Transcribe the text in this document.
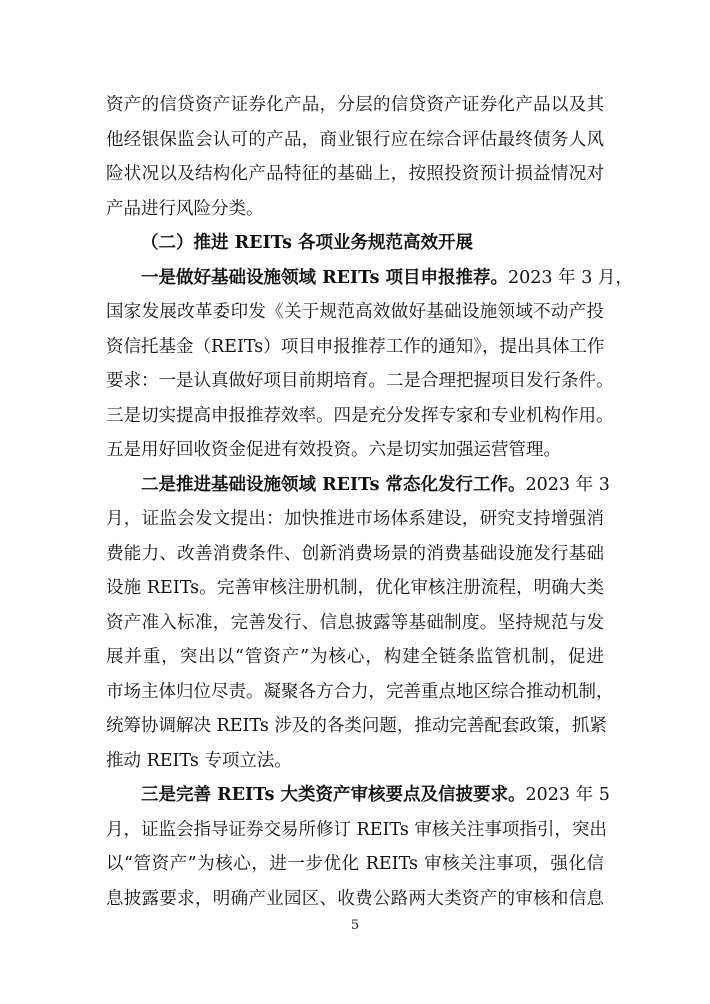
资产的信贷资产证券化产品，分层的信贷资产证券化产品以及其
他经银保监会认可的产品，商业银行应在综合评估最终债务人风
险状况以及结构化产品特征的基础上，按照投资预计损益情况对
产品进行风险分类。
（二）推进 REITs 各项业务规范高效开展
一是做好基础设施领域 REITs 项目申报推荐。2023 年 3 月，
国家发展改革委印发《关于规范高效做好基础设施领域不动产投
资信托基金（REITs）项目申报推荐工作的通知》，提出具体工作
要求：一是认真做好项目前期培育。二是合理把握项目发行条件。
三是切实提高申报推荐效率。四是充分发挥专家和专业机构作用。
五是用好回收资金促进有效投资。六是切实加强运营管理。
二是推进基础设施领域 REITs 常态化发行工作。2023 年 3
月，证监会发文提出：加快推进市场体系建设，研究支持增强消
费能力、改善消费条件、创新消费场景的消费基础设施发行基础
设施 REITs。完善审核注册机制，优化审核注册流程，明确大类
资产准入标准，完善发行、信息披露等基础制度。坚持规范与发
展并重，突出以“管资产”为核心，构建全链条监管机制，促进
市场主体归位尽责。凝聚各方合力，完善重点地区综合推动机制，
统筹协调解决 REITs 涉及的各类问题，推动完善配套政策，抓紧
推动 REITs 专项立法。
三是完善 REITs 大类资产审核要点及信披要求。2023 年 5
月，证监会指导证券交易所修订 REITs 审核关注事项指引，突出
以“管资产”为核心，进一步优化 REITs 审核关注事项，强化信
息披露要求，明确产业园区、收费公路两大类资产的审核和信息
5
